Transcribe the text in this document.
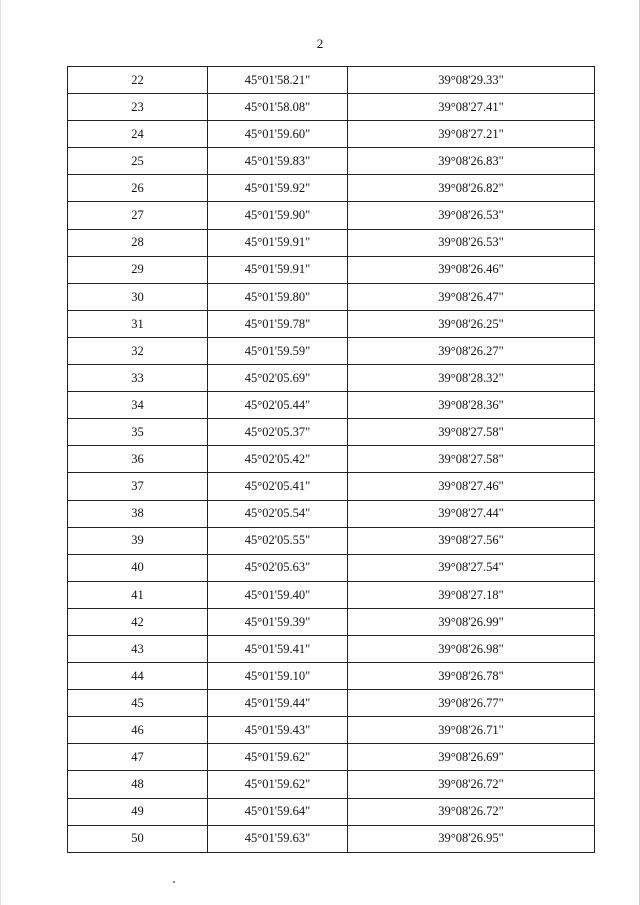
2
22	45°01'58.21"	39°08'29.33"
23	45°01'58.08"	39°08'27.41"
24	45°01'59.60"	39°08'27.21"
25	45°01'59.83"	39°08'26.83"
26	45°01'59.92"	39°08'26.82"
27	45°01'59.90"	39°08'26.53"
28	45°01'59.91"	39°08'26.53"
29	45°01'59.91"	39°08'26.46"
30	45°01'59.80"	39°08'26.47"
31	45°01'59.78"	39°08'26.25"
32	45°01'59.59"	39°08'26.27"
33	45°02'05.69"	39°08'28.32"
34	45°02'05.44"	39°08'28.36"
35	45°02'05.37"	39°08'27.58"
36	45°02'05.42"	39°08'27.58"
37	45°02'05.41"	39°08'27.46"
38	45°02'05.54"	39°08'27.44"
39	45°02'05.55"	39°08'27.56"
40	45°02'05.63"	39°08'27.54"
41	45°01'59.40"	39°08'27.18"
42	45°01'59.39"	39°08'26.99"
43	45°01'59.41"	39°08'26.98"
44	45°01'59.10"	39°08'26.78"
45	45°01'59.44"	39°08'26.77"
46	45°01'59.43"	39°08'26.71"
47	45°01'59.62"	39°08'26.69"
48	45°01'59.62"	39°08'26.72"
49	45°01'59.64"	39°08'26.72"
50	45°01'59.63"	39°08'26.95"
